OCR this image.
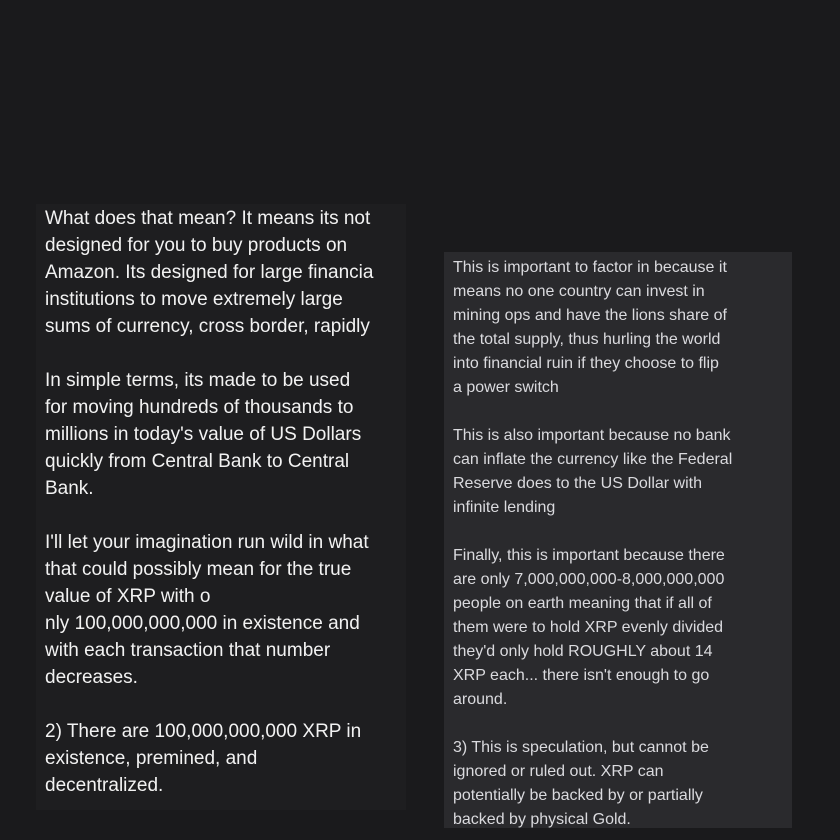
What does that mean? It means its not
designed for you to buy products on
Amazon. Its designed for large financia
institutions to move extremely large
sums of currency, cross border, rapidly

In simple terms, its made to be used
for moving hundreds of thousands to
millions in today's value of US Dollars
quickly from Central Bank to Central
Bank.

I'll let your imagination run wild in what
that could possibly mean for the true
value of XRP with o
nly 100,000,000,000 in existence and
with each transaction that number
decreases.

2) There are 100,000,000,000 XRP in
existence, premined, and
decentralized.

This is important to factor in because it
means no one country can invest in
mining ops and have the lions share of
the total supply, thus hurling the world
into financial ruin if they choose to flip
a power switch

This is also important because no bank
can inflate the currency like the Federal
Reserve does to the US Dollar with
infinite lending

Finally, this is important because there
are only 7,000,000,000-8,000,000,000
people on earth meaning that if all of
them were to hold XRP evenly divided
they'd only hold ROUGHLY about 14
XRP each... there isn't enough to go
around.

3) This is speculation, but cannot be
ignored or ruled out. XRP can
potentially be backed by or partially
backed by physical Gold.
